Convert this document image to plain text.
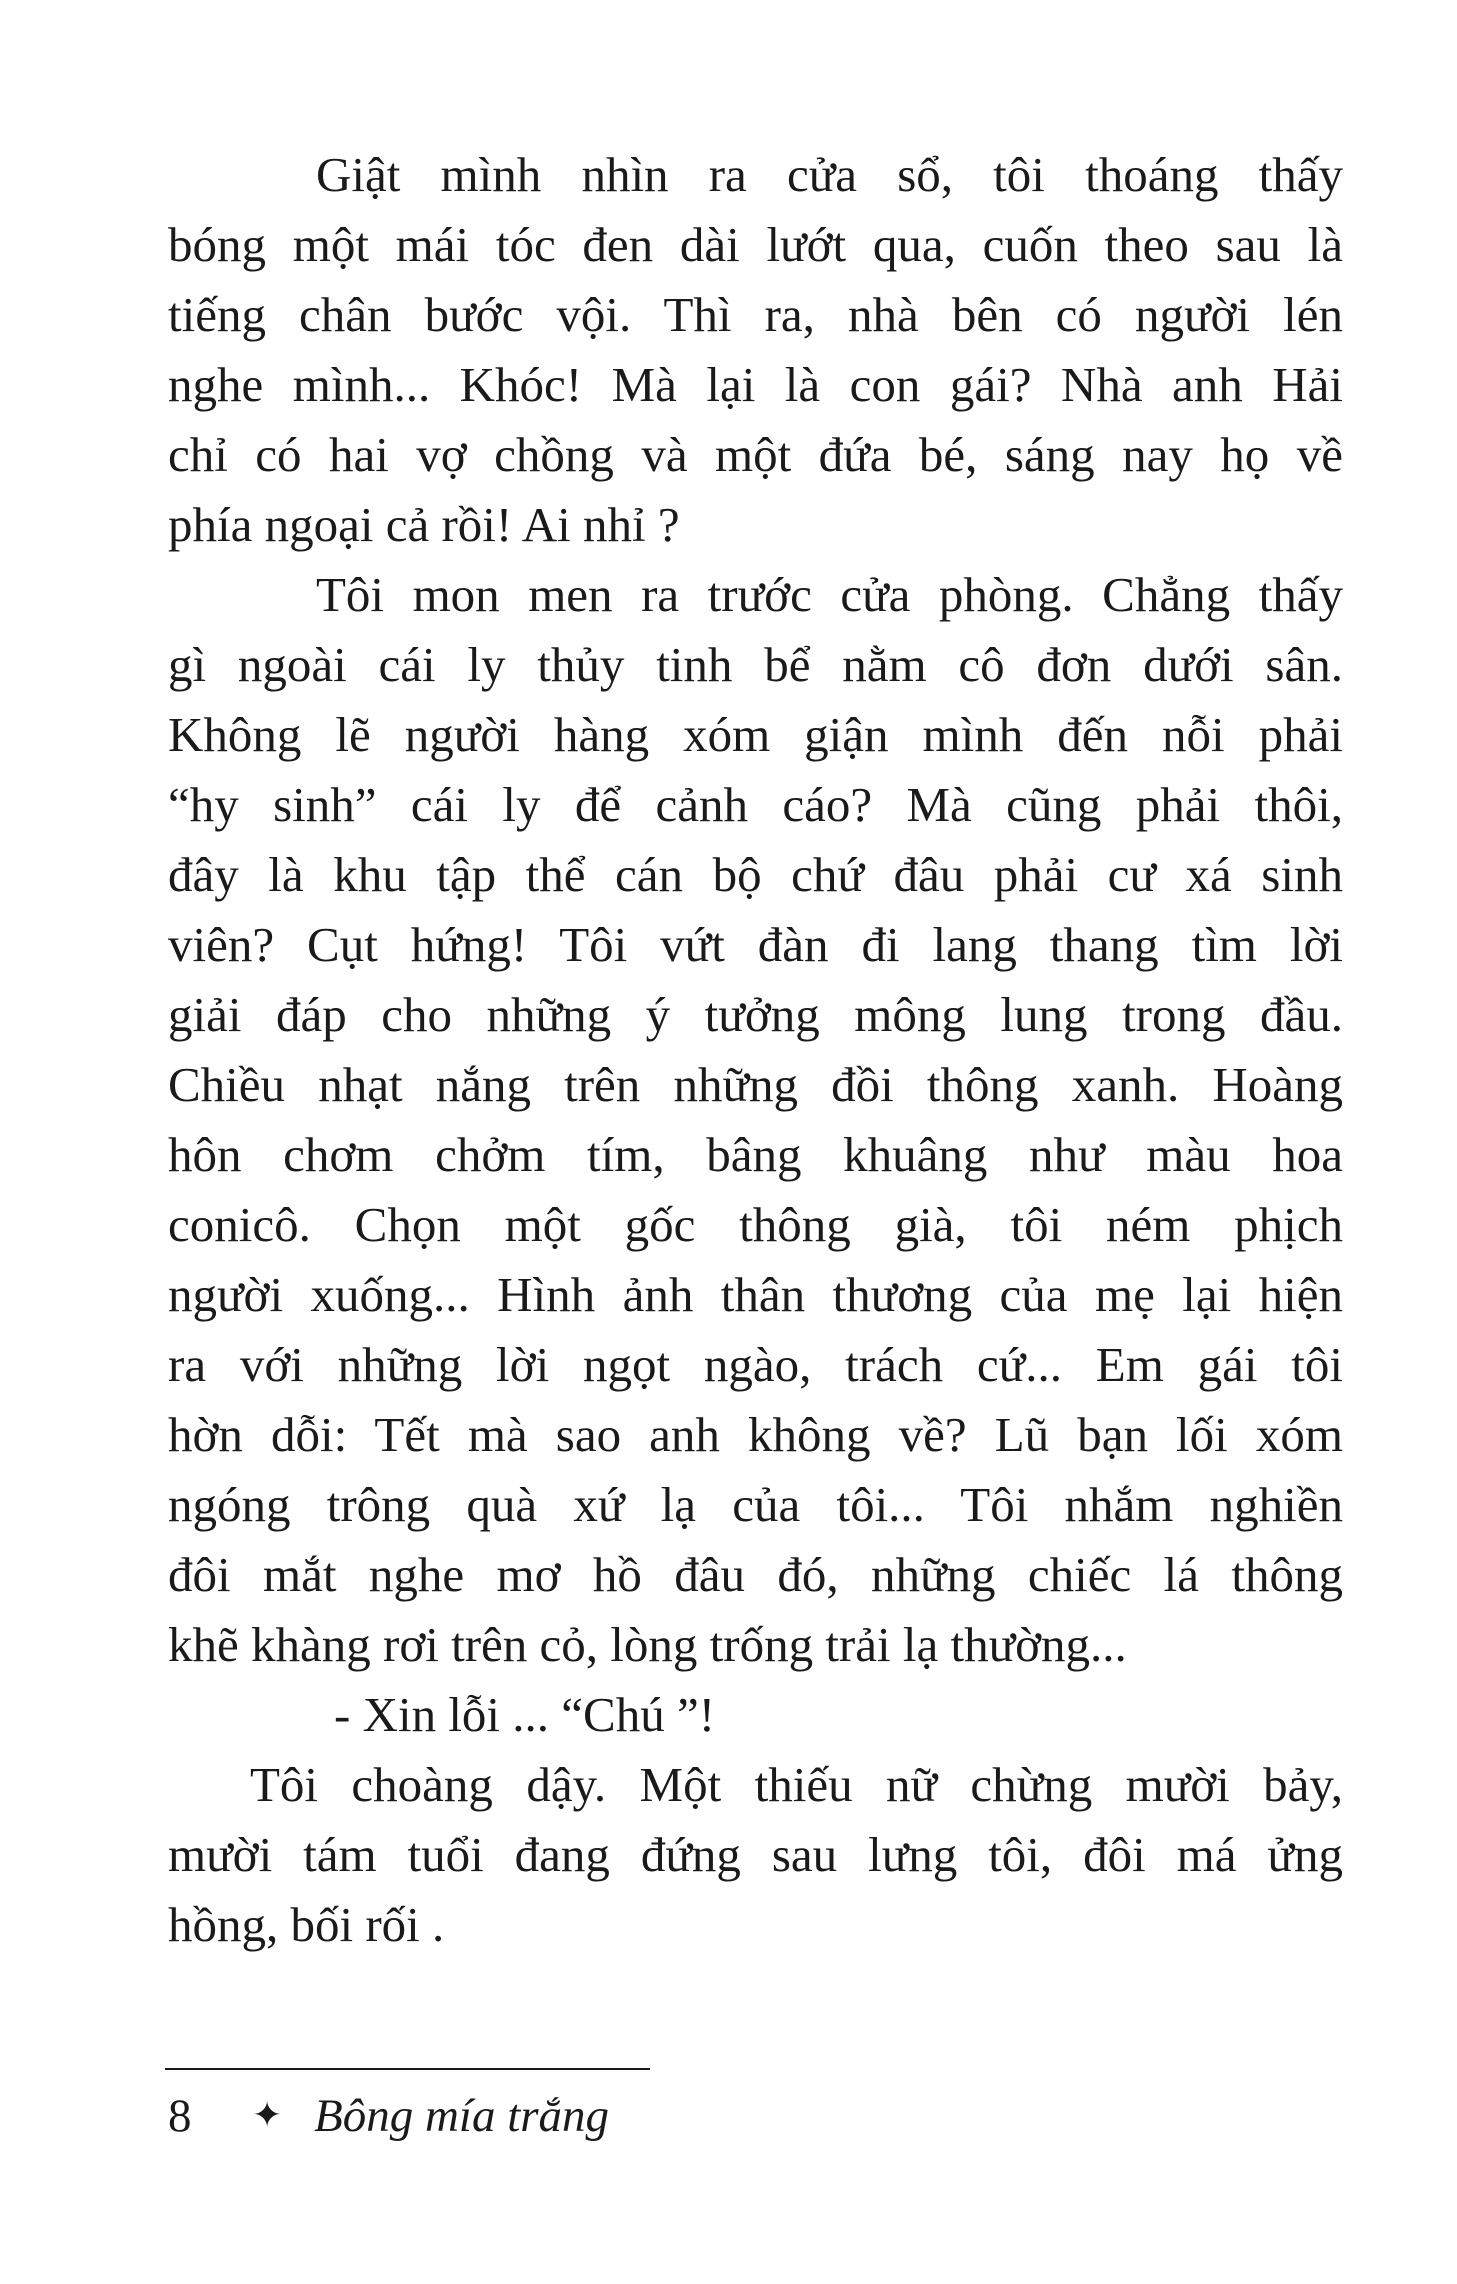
Giật mình nhìn ra cửa sổ, tôi thoáng thấy
bóng một mái tóc đen dài lướt qua, cuốn theo sau là
tiếng chân bước vội. Thì ra, nhà bên có người lén
nghe mình... Khóc! Mà lại là con gái? Nhà anh Hải
chỉ có hai vợ chồng và một đứa bé, sáng nay họ về
phía ngoại cả rồi! Ai nhỉ ?
Tôi mon men ra trước cửa phòng. Chẳng thấy
gì ngoài cái ly thủy tinh bể nằm cô đơn dưới sân.
Không lẽ người hàng xóm giận mình đến nỗi phải
“hy sinh” cái ly để cảnh cáo? Mà cũng phải thôi,
đây là khu tập thể cán bộ chứ đâu phải cư xá sinh
viên? Cụt hứng! Tôi vứt đàn đi lang thang tìm lời
giải đáp cho những ý tưởng mông lung trong đầu.
Chiều nhạt nắng trên những đồi thông xanh. Hoàng
hôn chơm chởm tím, bâng khuâng như màu hoa
conicô. Chọn một gốc thông già, tôi ném phịch
người xuống... Hình ảnh thân thương của mẹ lại hiện
ra với những lời ngọt ngào, trách cứ... Em gái tôi
hờn dỗi: Tết mà sao anh không về? Lũ bạn lối xóm
ngóng trông quà xứ lạ của tôi... Tôi nhắm nghiền
đôi mắt nghe mơ hồ đâu đó, những chiếc lá thông
khẽ khàng rơi trên cỏ, lòng trống trải lạ thường...
- Xin lỗi ... “Chú ”!
Tôi choàng dậy. Một thiếu nữ chừng mười bảy,
mười tám tuổi đang đứng sau lưng tôi, đôi má ửng
hồng, bối rối .
8 ✦ Bông mía trắng
